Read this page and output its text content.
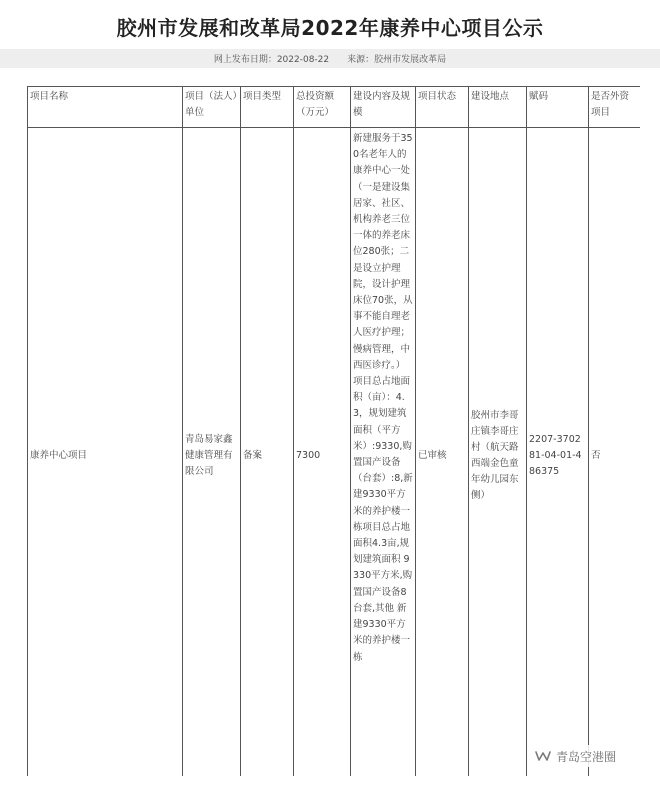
胶州市发展和改革局2022年康养中心项目公示
网上发布日期：2022-08-22 来源：胶州市发展改革局
项目名称	项目（法人）单位	项目类型	总投资额（万元）	建设内容及规模	项目状态	建设地点	赋码	是否外资项目
康养中心项目	青岛易家鑫健康管理有限公司	备案	7300	新建服务于350名老年人的康养中心一处（一是建设集居家、社区、机构养老三位一体的养老床位280张；二是设立护理院，设计护理床位70张，从事不能自理老人医疗护理；慢病管理，中西医诊疗。）项目总占地面积（亩）：4.3，规划建筑面积（平方米）:9330,购置国产设备（台套）:8,新建9330平方米的养护楼一栋项目总占地面积4.3亩,规划建筑面积 9330平方米,购置国产设备8台套,其他 新建9330平方米的养护楼一栋	已审核	胶州市李哥庄镇李哥庄村（航天路西端金色童年幼儿园东侧）	2207-370281-04-01-486375	否
青岛空港圈
